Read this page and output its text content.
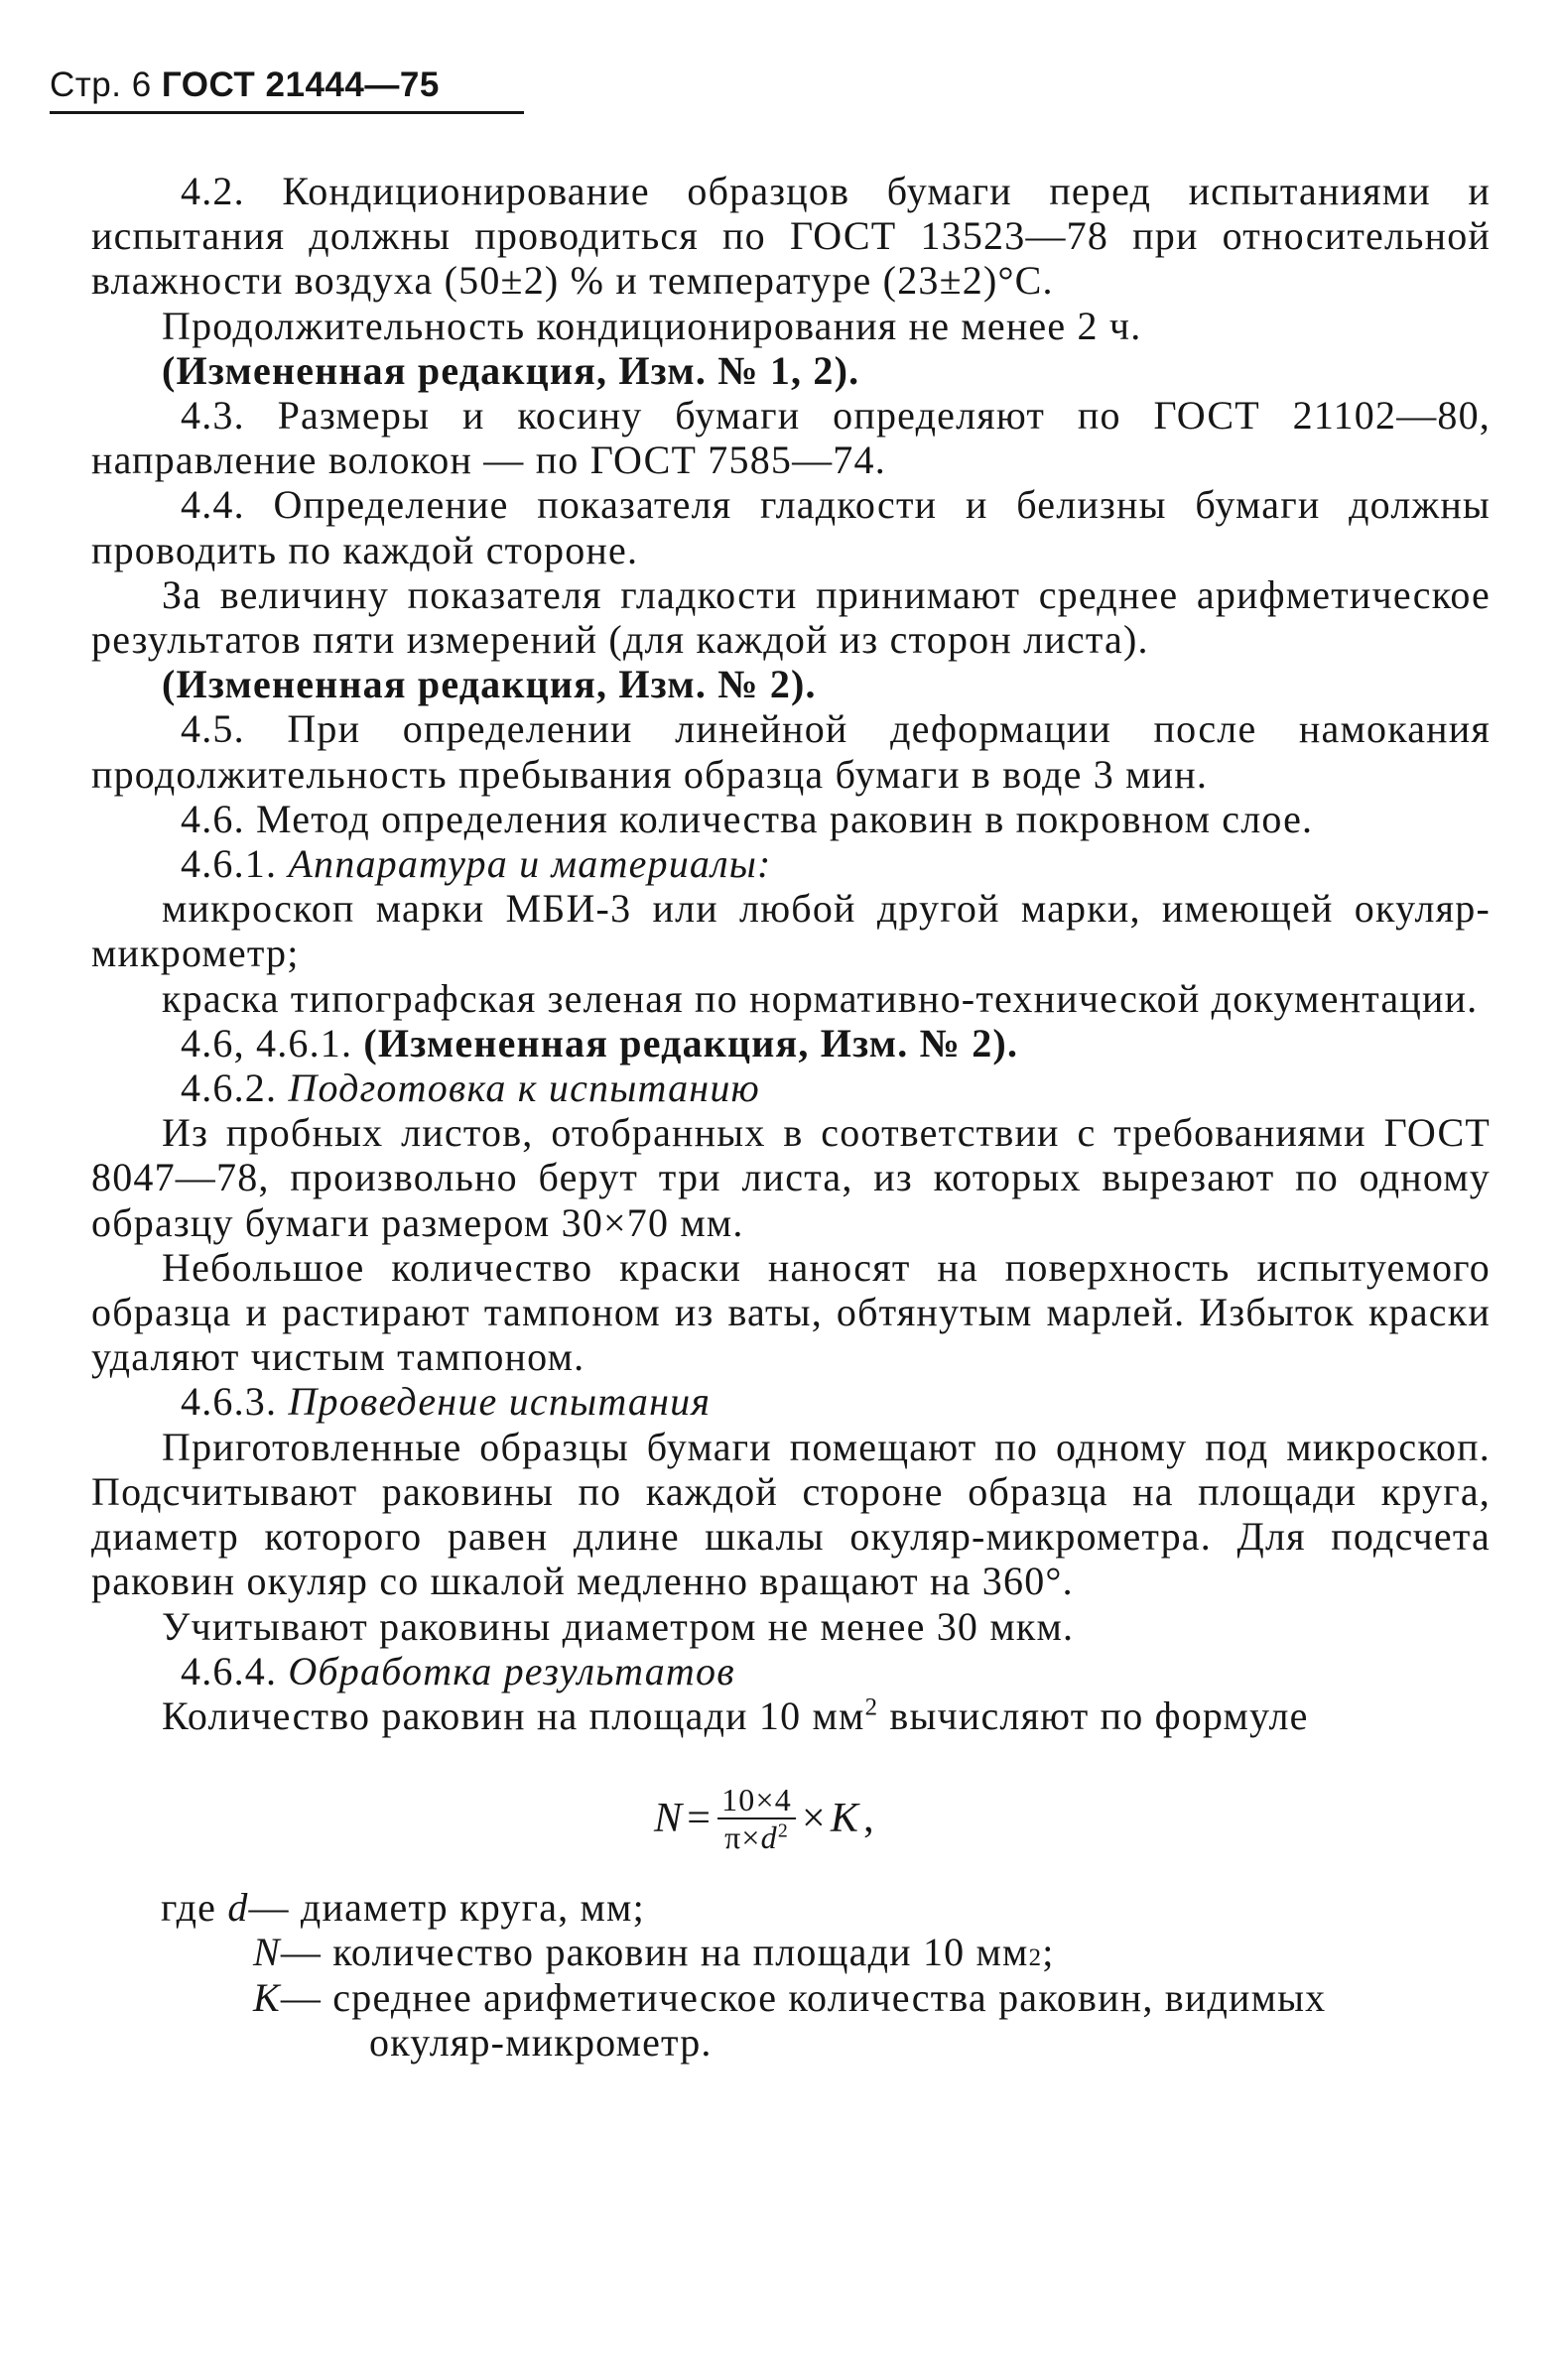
Стр. 6 ГОСТ 21444—75

4.2. Кондиционирование образцов бумаги перед испытаниями и испытания должны проводиться по ГОСТ 13523—78 при относительной влажности воздуха (50±2) % и температуре (23±2)°С.

Продолжительность кондиционирования не менее 2 ч.

(Измененная редакция, Изм. № 1, 2).

4.3. Размеры и косину бумаги определяют по ГОСТ 21102—80, направление волокон — по ГОСТ 7585—74.

4.4. Определение показателя гладкости и белизны бумаги должны проводить по каждой стороне.

За величину показателя гладкости принимают среднее арифметическое результатов пяти измерений (для каждой из сторон листа).

(Измененная редакция, Изм. № 2).

4.5. При определении линейной деформации после намокания продолжительность пребывания образца бумаги в воде 3 мин.

4.6. Метод определения количества раковин в покровном слое.

4.6.1. Аппаратура и материалы:

микроскоп марки МБИ-3 или любой другой марки, имеющей окуляр-микрометр;

краска типографская зеленая по нормативно-технической документации.

4.6, 4.6.1. (Измененная редакция, Изм. № 2).

4.6.2. Подготовка к испытанию

Из пробных листов, отобранных в соответствии с требованиями ГОСТ 8047—78, произвольно берут три листа, из которых вырезают по одному образцу бумаги размером 30×70 мм.

Небольшое количество краски наносят на поверхность испытуемого образца и растирают тампоном из ваты, обтянутым марлей. Избыток краски удаляют чистым тампоном.

4.6.3. Проведение испытания

Приготовленные образцы бумаги помещают по одному под микроскоп. Подсчитывают раковины по каждой стороне образца на площади круга, диаметр которого равен длине шкалы окуляр-микрометра. Для подсчета раковин окуляр со шкалой медленно вращают на 360°.

Учитывают раковины диаметром не менее 30 мкм.

4.6.4. Обработка результатов

Количество раковин на площади 10 $мм^2$ вычисляют по формуле

$N = \frac{10\times 4}{\pi\times d^2} \times K$ ,
где
d — диаметр круга, мм;
N — количество раковин на площади 10 мм 2 ;
K — среднее арифметическое количества раковин, видимых
окуляр-микрометр.
